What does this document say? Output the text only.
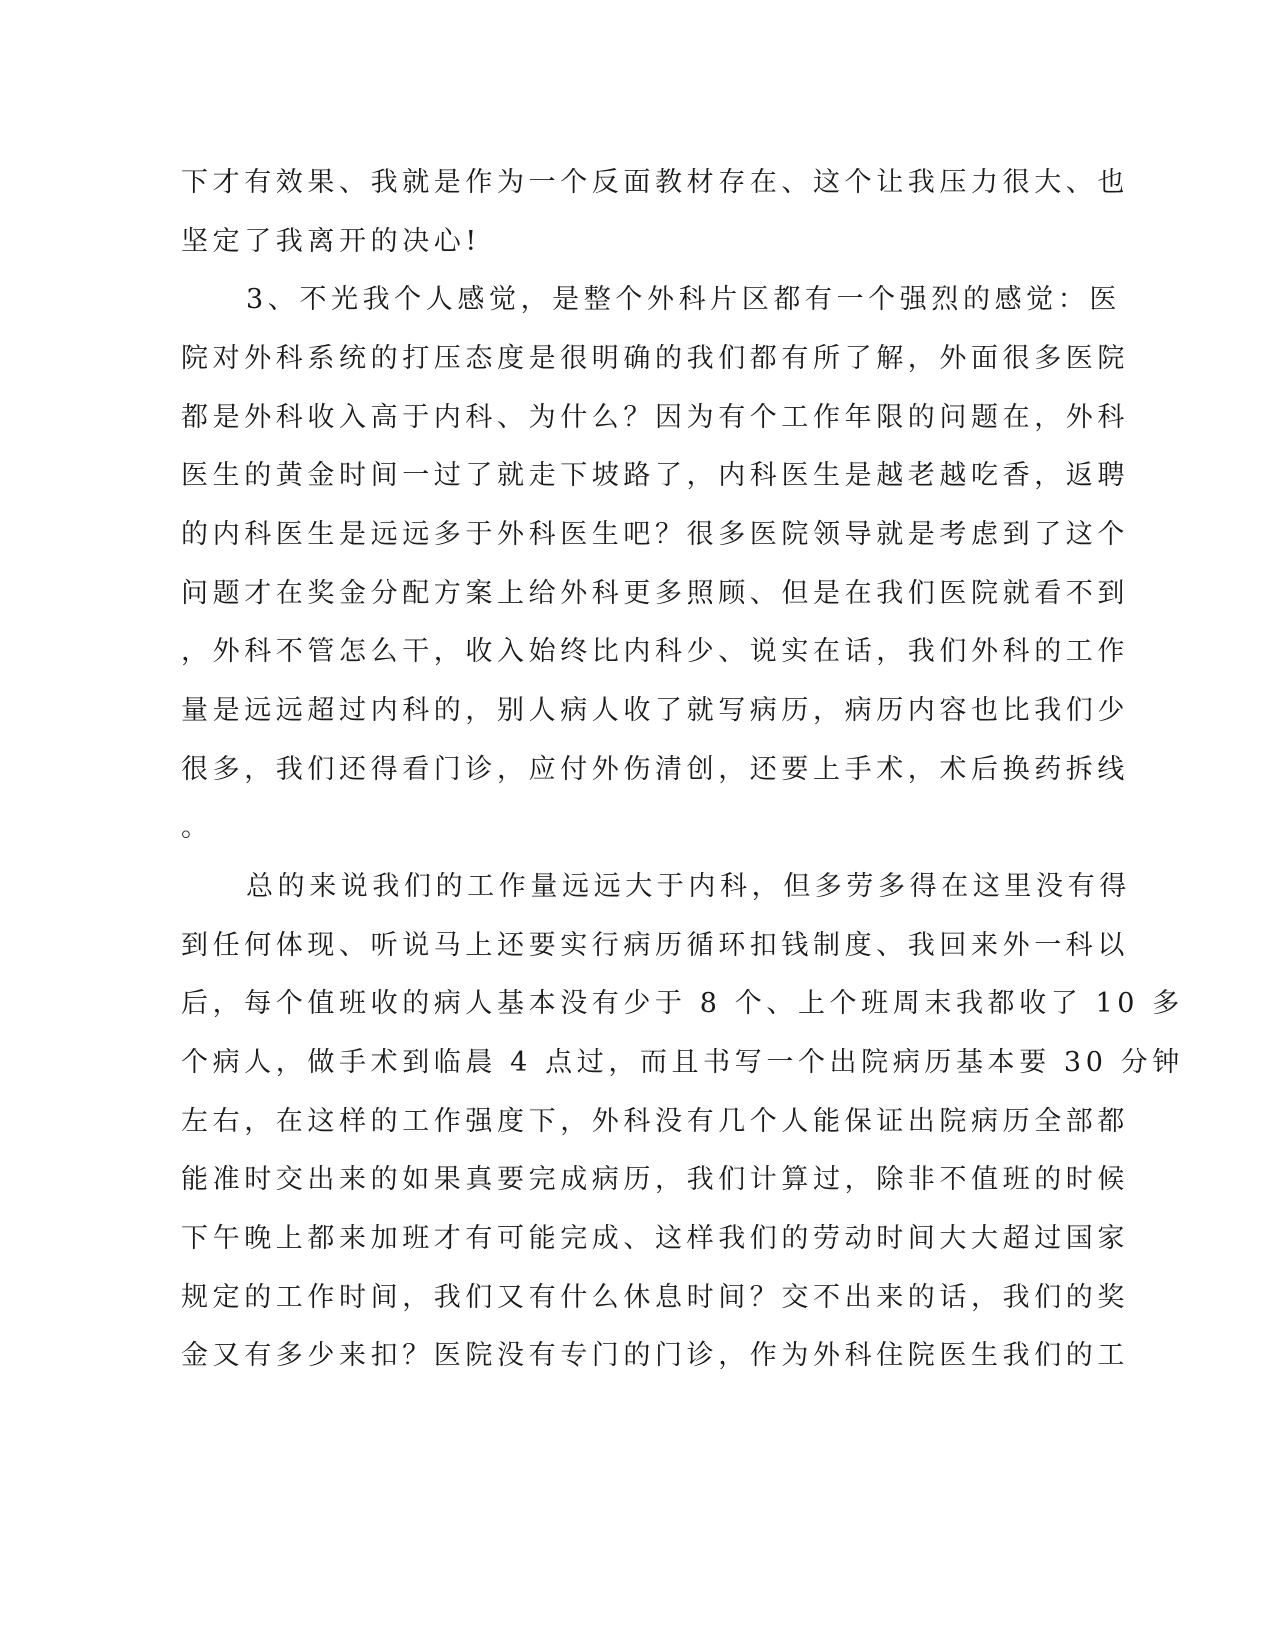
下才有效果、我就是作为一个反面教材存在、这个让我压力很大、也
坚定了我离开的决心!
3、不光我个人感觉，是整个外科片区都有一个强烈的感觉：医
院对外科系统的打压态度是很明确的我们都有所了解，外面很多医院
都是外科收入高于内科、为什么？因为有个工作年限的问题在，外科
医生的黄金时间一过了就走下坡路了，内科医生是越老越吃香，返聘
的内科医生是远远多于外科医生吧？很多医院领导就是考虑到了这个
问题才在奖金分配方案上给外科更多照顾、但是在我们医院就看不到
，外科不管怎么干，收入始终比内科少、说实在话，我们外科的工作
量是远远超过内科的，别人病人收了就写病历，病历内容也比我们少
很多，我们还得看门诊，应付外伤清创，还要上手术，术后换药拆线
。
总的来说我们的工作量远远大于内科，但多劳多得在这里没有得
到任何体现、听说马上还要实行病历循环扣钱制度、我回来外一科以
后，每个值班收的病人基本没有少于 8 个、上个班周末我都收了 10 多
个病人，做手术到临晨 4 点过，而且书写一个出院病历基本要 30 分钟
左右，在这样的工作强度下，外科没有几个人能保证出院病历全部都
能准时交出来的如果真要完成病历，我们计算过，除非不值班的时候
下午晚上都来加班才有可能完成、这样我们的劳动时间大大超过国家
规定的工作时间，我们又有什么休息时间？交不出来的话，我们的奖
金又有多少来扣？医院没有专门的门诊，作为外科住院医生我们的工
